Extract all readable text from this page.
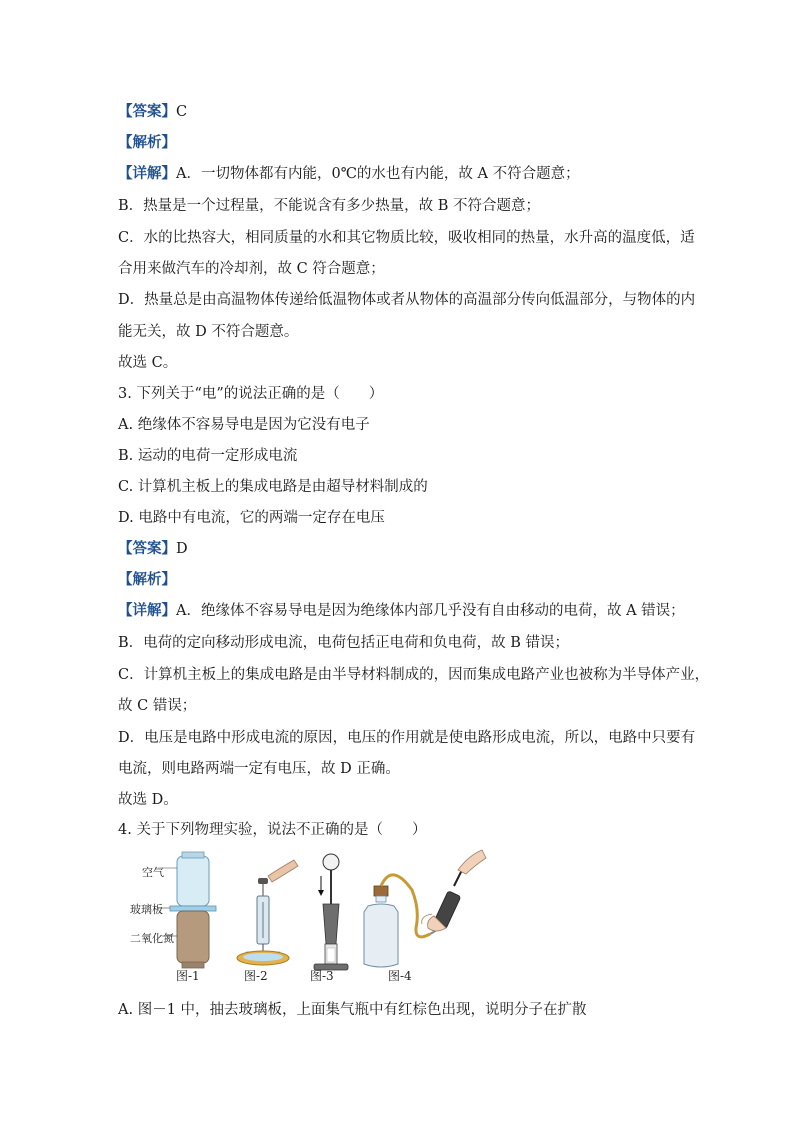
【答案】C
【解析】
【详解】A．一切物体都有内能，0℃的水也有内能，故 A 不符合题意；
B．热量是一个过程量，不能说含有多少热量，故 B 不符合题意；
C．水的比热容大，相同质量的水和其它物质比较，吸收相同的热量，水升高的温度低，适
合用来做汽车的冷却剂，故 C 符合题意；
D．热量总是由高温物体传递给低温物体或者从物体的高温部分传向低温部分，与物体的内
能无关，故 D 不符合题意。
故选 C。
3. 下列关于“电”的说法正确的是（　　）
A. 绝缘体不容易导电是因为它没有电子
B. 运动的电荷一定形成电流
C. 计算机主板上的集成电路是由超导材料制成的
D. 电路中有电流，它的两端一定存在电压
【答案】D
【解析】
【详解】A．绝缘体不容易导电是因为绝缘体内部几乎没有自由移动的电荷，故 A 错误；
B．电荷的定向移动形成电流，电荷包括正电荷和负电荷，故 B 错误；
C．计算机主板上的集成电路是由半导材料制成的，因而集成电路产业也被称为半导体产业，
故 C 错误；
D．电压是电路中形成电流的原因，电压的作用就是使电路形成电流，所以，电路中只要有
电流，则电路两端一定有电压，故 D 正确。
故选 D。
4. 关于下列物理实验，说法不正确的是（　　）
空气
玻璃板
二氧化氮
图-1	图-2	图-3	图-4
A. 图－1 中，抽去玻璃板，上面集气瓶中有红棕色出现，说明分子在扩散
